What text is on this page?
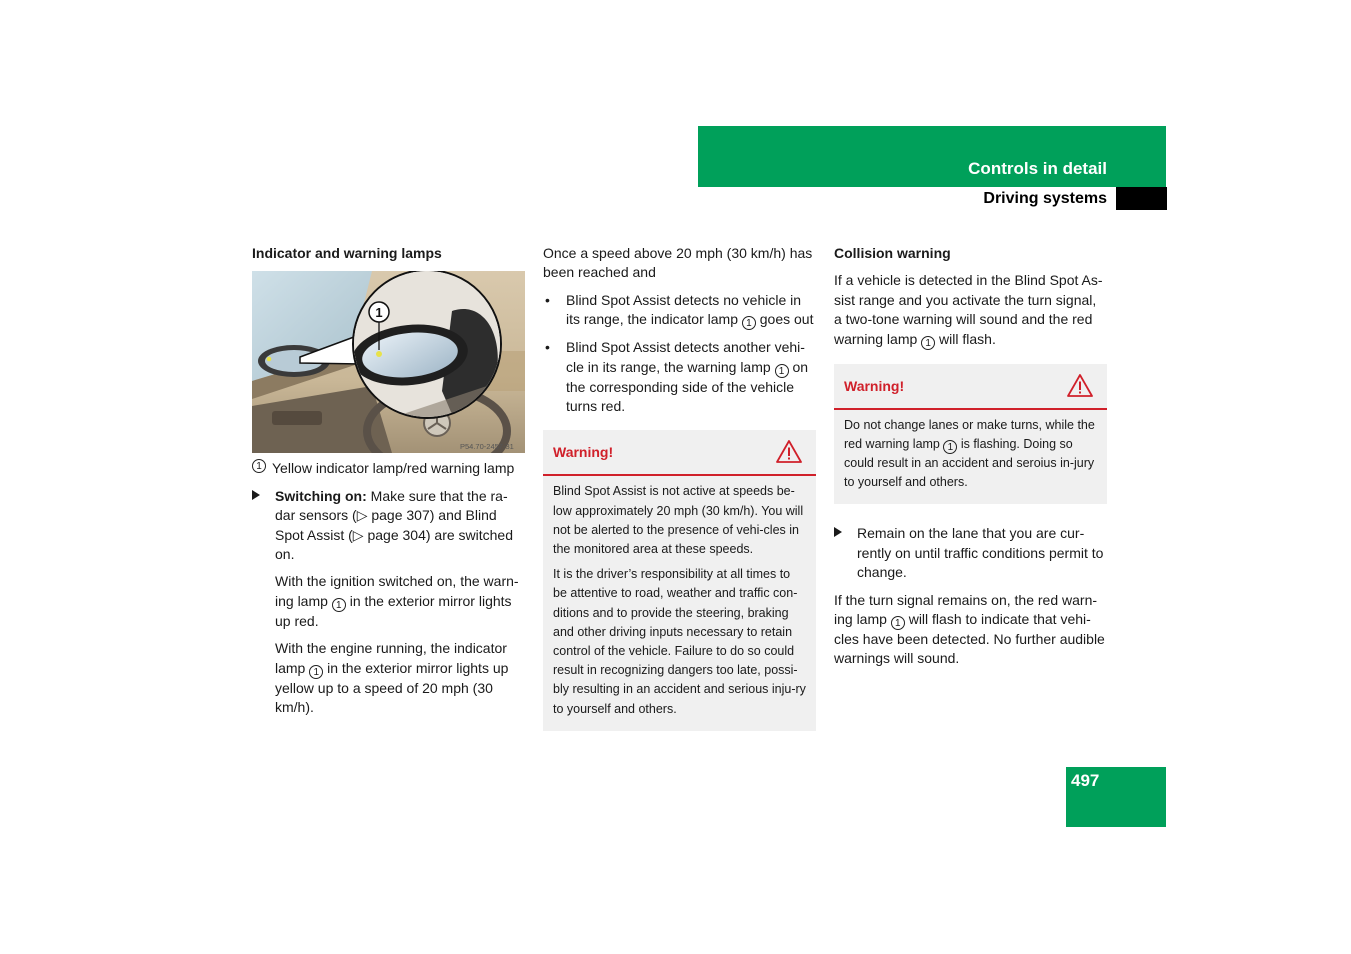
Controls in detail
Driving systems
Indicator and warning lamps
1
P54.70-2457-31
1 Yellow indicator lamp/red warning lamp
Switching on: Make sure that the ra-dar sensors (▷ page 307) and Blind Spot Assist (▷ page 304) are switched on.
With the ignition switched on, the warn-ing lamp 1 in the exterior mirror lights up red.
With the engine running, the indicator lamp 1 in the exterior mirror lights up yellow up to a speed of 20 mph (30 km/h).

Once a speed above 20 mph (30 km/h) has been reached and

• Blind Spot Assist detects no vehicle in its range, the indicator lamp 1 goes out
• Blind Spot Assist detects another vehi-cle in its range, the warning lamp 1 on the corresponding side of the vehicle turns red.
Warning!

Blind Spot Assist is not active at speeds be-low approximately 20 mph (30 km/h). You will not be alerted to the presence of vehi-cles in the monitored area at these speeds.

It is the driver’s responsibility at all times to be attentive to road, weather and traffic con-ditions and to provide the steering, braking and other driving inputs necessary to retain control of the vehicle. Failure to do so could result in recognizing dangers too late, possi-bly resulting in an accident and serious inju-ry to yourself and others.

Collision warning

If a vehicle is detected in the Blind Spot As-sist range and you activate the turn signal, a two-tone warning will sound and the red warning lamp 1 will flash.

Warning!

Do not change lanes or make turns, while the red warning lamp 1 is flashing. Doing so could result in an accident and seroius in-jury to yourself and others.

Remain on the lane that you are cur-rently on until traffic conditions permit to change.

If the turn signal remains on, the red warn-ing lamp 1 will flash to indicate that vehi-cles have been detected. No further audible warnings will sound.

497
